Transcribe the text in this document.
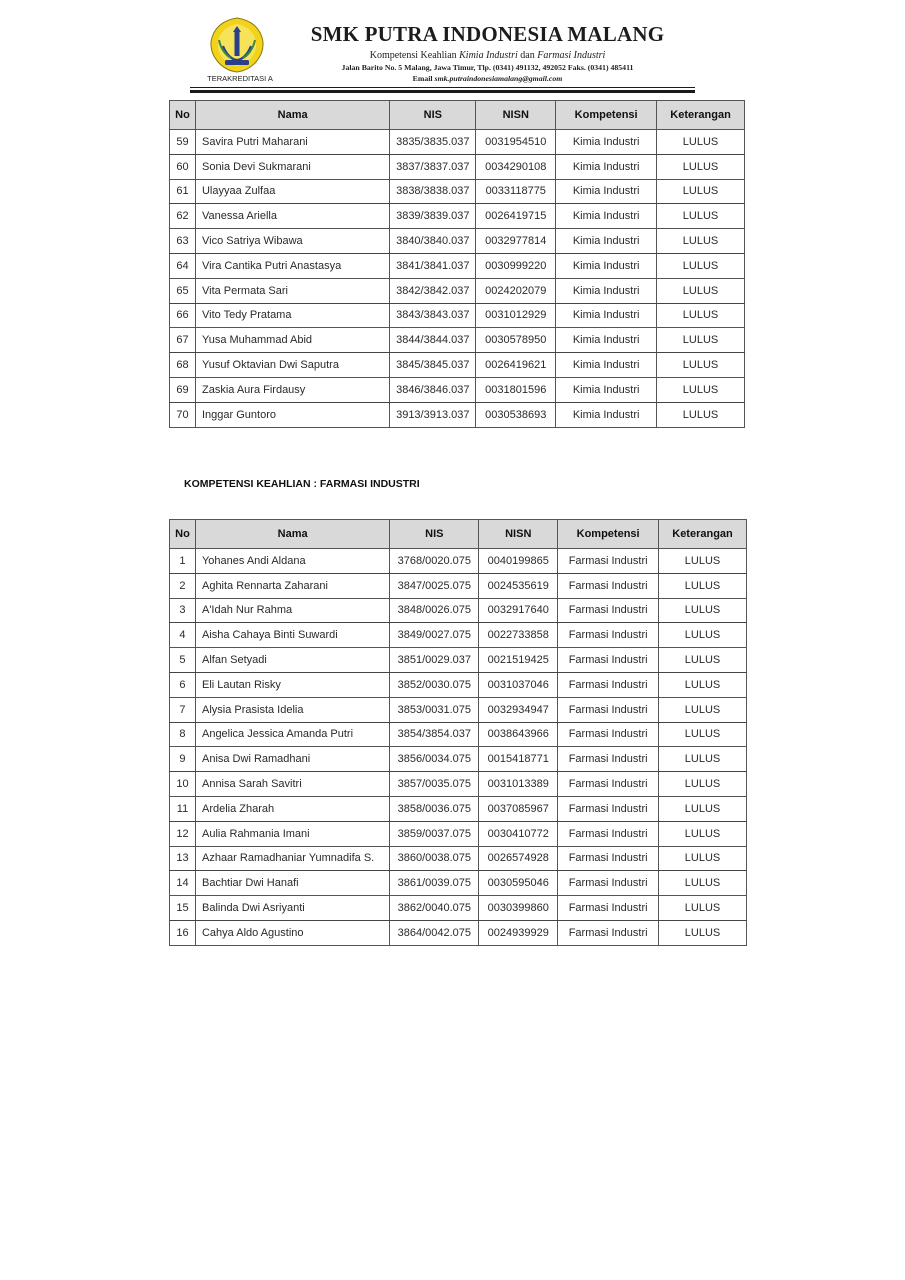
TERAKREDITASI A
SMK PUTRA INDONESIA MALANG
Kompetensi Keahlian Kimia Industri dan Farmasi Industri
Jalan Barito No. 5 Malang, Jawa Timur, Tlp. (0341) 491132, 492052 Faks. (0341) 485411
Email smk.putraindonesiamalang@gmail.com
No	Nama	NIS	NISN	Kompetensi	Keterangan
59	Savira Putri Maharani	3835/3835.037	0031954510	Kimia Industri	LULUS
60	Sonia Devi Sukmarani	3837/3837.037	0034290108	Kimia Industri	LULUS
61	Ulayyaa Zulfaa	3838/3838.037	0033118775	Kimia Industri	LULUS
62	Vanessa Ariella	3839/3839.037	0026419715	Kimia Industri	LULUS
63	Vico Satriya Wibawa	3840/3840.037	0032977814	Kimia Industri	LULUS
64	Vira Cantika Putri Anastasya	3841/3841.037	0030999220	Kimia Industri	LULUS
65	Vita Permata Sari	3842/3842.037	0024202079	Kimia Industri	LULUS
66	Vito Tedy Pratama	3843/3843.037	0031012929	Kimia Industri	LULUS
67	Yusa Muhammad Abid	3844/3844.037	0030578950	Kimia Industri	LULUS
68	Yusuf Oktavian Dwi Saputra	3845/3845.037	0026419621	Kimia Industri	LULUS
69	Zaskia Aura Firdausy	3846/3846.037	0031801596	Kimia Industri	LULUS
70	Inggar Guntoro	3913/3913.037	0030538693	Kimia Industri	LULUS
KOMPETENSI KEAHLIAN : FARMASI INDUSTRI
No	Nama	NIS	NISN	Kompetensi	Keterangan
1	Yohanes Andi Aldana	3768/0020.075	0040199865	Farmasi Industri	LULUS
2	Aghita Rennarta Zaharani	3847/0025.075	0024535619	Farmasi Industri	LULUS
3	A'Idah Nur Rahma	3848/0026.075	0032917640	Farmasi Industri	LULUS
4	Aisha Cahaya Binti Suwardi	3849/0027.075	0022733858	Farmasi Industri	LULUS
5	Alfan Setyadi	3851/0029.037	0021519425	Farmasi Industri	LULUS
6	Eli Lautan Risky	3852/0030.075	0031037046	Farmasi Industri	LULUS
7	Alysia Prasista Idelia	3853/0031.075	0032934947	Farmasi Industri	LULUS
8	Angelica Jessica Amanda Putri	3854/3854.037	0038643966	Farmasi Industri	LULUS
9	Anisa Dwi Ramadhani	3856/0034.075	0015418771	Farmasi Industri	LULUS
10	Annisa Sarah Savitri	3857/0035.075	0031013389	Farmasi Industri	LULUS
11	Ardelia Zharah	3858/0036.075	0037085967	Farmasi Industri	LULUS
12	Aulia Rahmania Imani	3859/0037.075	0030410772	Farmasi Industri	LULUS
13	Azhaar Ramadhaniar Yumnadifa S.	3860/0038.075	0026574928	Farmasi Industri	LULUS
14	Bachtiar Dwi Hanafi	3861/0039.075	0030595046	Farmasi Industri	LULUS
15	Balinda Dwi Asriyanti	3862/0040.075	0030399860	Farmasi Industri	LULUS
16	Cahya Aldo Agustino	3864/0042.075	0024939929	Farmasi Industri	LULUS
